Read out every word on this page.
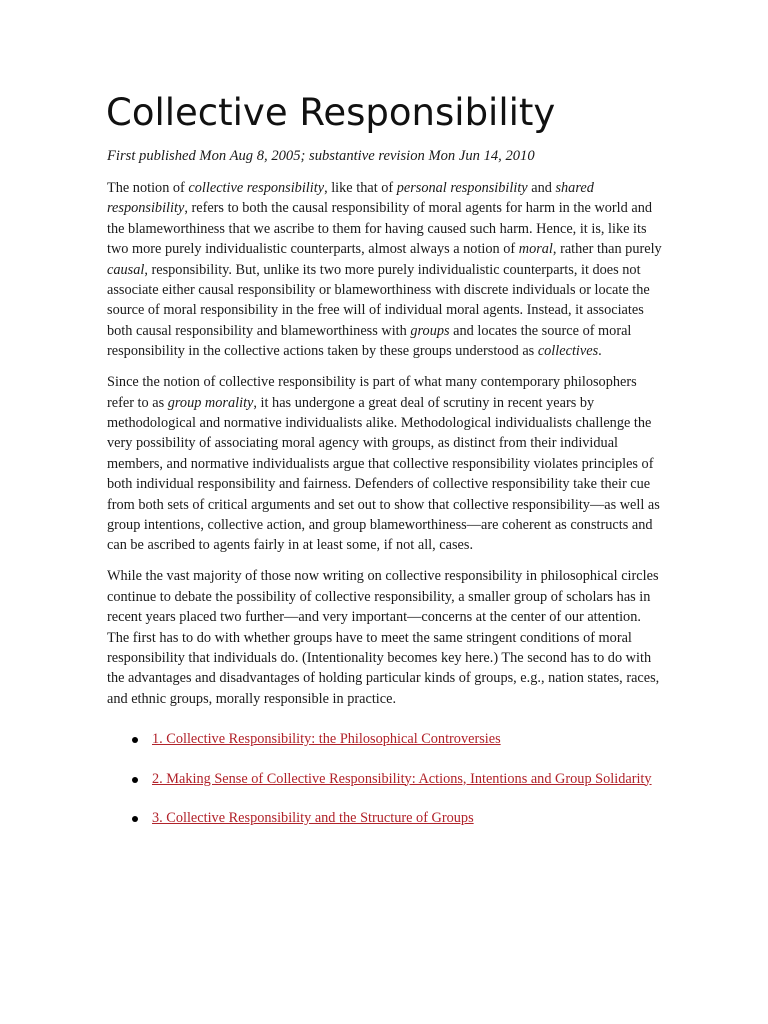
Collective Responsibility
First published Mon Aug 8, 2005; substantive revision Mon Jun 14, 2010

The notion of collective responsibility, like that of personal responsibility and shared responsibility, refers to both the causal responsibility of moral agents for harm in the world and the blameworthiness that we ascribe to them for having caused such harm. Hence, it is, like its two more purely individualistic counterparts, almost always a notion of moral, rather than purely causal, responsibility. But, unlike its two more purely individualistic counterparts, it does not associate either causal responsibility or blameworthiness with discrete individuals or locate the source of moral responsibility in the free will of individual moral agents. Instead, it associates both causal responsibility and blameworthiness with groups and locates the source of moral responsibility in the collective actions taken by these groups understood as collectives.

Since the notion of collective responsibility is part of what many contemporary philosophers refer to as group morality, it has undergone a great deal of scrutiny in recent years by methodological and normative individualists alike. Methodological individualists challenge the very possibility of associating moral agency with groups, as distinct from their individual members, and normative individualists argue that collective responsibility violates principles of both individual responsibility and fairness. Defenders of collective responsibility take their cue from both sets of critical arguments and set out to show that collective responsibility—as well as group intentions, collective action, and group blameworthiness—are coherent as constructs and can be ascribed to agents fairly in at least some, if not all, cases.

While the vast majority of those now writing on collective responsibility in philosophical circles continue to debate the possibility of collective responsibility, a smaller group of scholars has in recent years placed two further—and very important—concerns at the center of our attention. The first has to do with whether groups have to meet the same stringent conditions of moral responsibility that individuals do. (Intentionality becomes key here.) The second has to do with the advantages and disadvantages of holding particular kinds of groups, e.g., nation states, races, and ethnic groups, morally responsible in practice.

1. Collective Responsibility: the Philosophical Controversies
2. Making Sense of Collective Responsibility: Actions, Intentions and Group Solidarity
3. Collective Responsibility and the Structure of Groups
